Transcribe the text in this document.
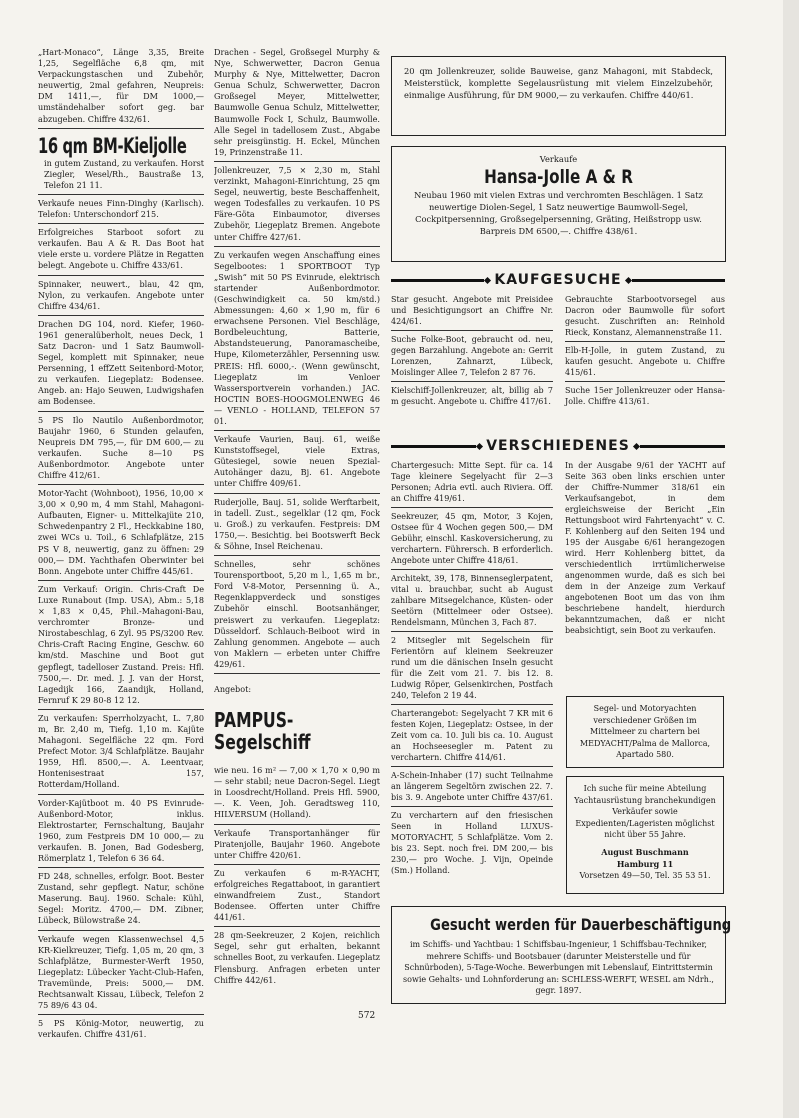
„Hart-Monaco“, Länge 3,35, Breite 1,25, Segelfläche 6,8 qm, mit Verpackungstaschen und Zubehör, neuwertig, 2mal gefahren, Neupreis: DM 1411,—, für DM 1000,— umständehalber sofort geg. bar abzugeben. Chiffre 432/61.
16 qm BM-Kieljolle
in gutem Zustand, zu verkaufen. Horst Ziegler, Wesel/Rh., Baustraße 13, Telefon 21 11.
Verkaufe neues Finn-Dinghy (Karlisch). Telefon: Unterschondorf 215.
Erfolgreiches Starboot sofort zu verkaufen. Bau A & R. Das Boot hat viele erste u. vordere Plätze in Regatten belegt. Angebote u. Chiffre 433/61.
Spinnaker, neuwert., blau, 42 qm, Nylon, zu verkaufen. Angebote unter Chiffre 434/61.
Drachen DG 104, nord. Kiefer, 1960-1961 generalüberholt, neues Deck, 1 Satz Dacron- und 1 Satz Baumwoll-Segel, komplett mit Spinnaker, neue Persenning, 1 effZett Seitenbord-Motor, zu verkaufen. Liegeplatz: Bodensee. Angeb. an: Hajo Seuwen, Ludwigshafen am Bodensee.
5 PS Ilo Nautilo Außenbordmotor, Baujahr 1960, 6 Stunden gelaufen, Neupreis DM 795,—, für DM 600,— zu verkaufen. Suche 8—10 PS Außenbordmotor. Angebote unter Chiffre 412/61.
Motor-Yacht (Wohnboot), 1956, 10,00 × 3,00 × 0,90 m, 4 mm Stahl, Mahagoni-Aufbauten, Eigner- u. Mittelkajüte 210, Schwedenpantry 2 Fl., Heckkabine 180, zwei WCs u. Toil., 6 Schlafplätze, 215 PS V 8, neuwertig, ganz zu öffnen: 29 000,— DM. Yachthafen Oberwinter bei Bonn. Angebote unter Chiffre 445/61.
Zum Verkauf: Origin. Chris-Craft De Luxe Runabout (Imp. USA), Abm.: 5,18 × 1,83 × 0,45, Phil.-Mahagoni-Bau, verchromter Bronze- und Nirostabeschlag, 6 Zyl. 95 PS/3200 Rev. Chris-Craft Racing Engine, Geschw. 60 km/std. Maschine und Boot gut gepflegt, tadelloser Zustand. Preis: Hfl. 7500,—. Dr. med. J. J. van der Horst, Lagedijk 166, Zaandijk, Holland, Fernruf K 29 80-8 12 12.
Zu verkaufen: Sperrholzyacht, L. 7,80 m, Br. 2,40 m, Tiefg. 1,10 m. Kajüte Mahagoni. Segelfläche 22 qm. Ford Prefect Motor. 3/4 Schlafplätze. Baujahr 1959, Hfl. 8500,—. A. Leentvaar, Hontenisestraat 157, Rotterdam/Holland.
Vorder-Kajütboot m. 40 PS Evinrude-Außenbord-Motor, inklus. Elektrostarter, Fernschaltung, Baujahr 1960, zum Festpreis DM 10 000,— zu verkaufen. B. Jonen, Bad Godesberg, Römerplatz 1, Telefon 6 36 64.
FD 248, schnelles, erfolgr. Boot. Bester Zustand, sehr gepflegt. Natur, schöne Maserung. Bauj. 1960. Schale: Kühl, Segel: Moritz. 4700,— DM. Zibner, Lübeck, Bülowstraße 24.
Verkaufe wegen Klassenwechsel 4,5 KR-Kielkreuzer, Tiefg. 1,05 m, 20 qm, 3 Schlafplätze, Burmester-Werft 1950, Liegeplatz: Lübecker Yacht-Club-Hafen, Travemünde, Preis: 5000,— DM. Rechtsanwalt Kissau, Lübeck, Telefon 2 75 89/6 43 04.
5 PS König-Motor, neuwertig, zu verkaufen. Chiffre 431/61.
Drachen - Segel, Großsegel Murphy & Nye, Schwerwetter, Dacron Genua Murphy & Nye, Mittelwetter, Dacron Genua Schulz, Schwerwetter, Dacron Großsegel Meyer, Mittelwetter, Baumwolle Genua Schulz, Mittelwetter, Baumwolle Fock I, Schulz, Baumwolle. Alle Segel in tadellosem Zust., Abgabe sehr preisgünstig. H. Eckel, München 19, Prinzenstraße 11.
Jollenkreuzer, 7,5 × 2,30 m, Stahl verzinkt, Mahagoni-Einrichtung, 25 qm Segel, neuwertig, beste Beschaffenheit, wegen Todesfalles zu verkaufen. 10 PS Färe-Göta Einbaumotor, diverses Zubehör, Liegeplatz Bremen. Angebote unter Chiffre 427/61.
Zu verkaufen wegen Anschaffung eines Segelbootes: 1 SPORTBOOT Typ „Swish“ mit 50 PS Evinrude, elektrisch startender Außenbordmotor.(Geschwindigkeit ca. 50 km/std.) Abmessungen: 4,60 × 1,90 m, für 6 erwachsene Personen. Viel Beschläge, Bordbeleuchtung, Batterie, Abstandsteuerung, Panoramascheibe, Hupe, Kilometerzähler, Persenning usw. PREIS: Hfl. 6000,-. (Wenn gewünscht, Liegeplatz im Venloer Wassersportverein vorhanden.) JAC. HOCTIN BOES-HOOGMOLENWEG 46 — VENLO - HOLLAND, TELEFON 57 01.
Verkaufe Vaurien, Bauj. 61, weiße Kunststoffsegel, viele Extras, Gütesiegel, sowie neuen Spezial-Autohänger dazu, Bj. 61. Angebote unter Chiffre 409/61.
Ruderjolle, Bauj. 51, solide Werftarbeit, in tadell. Zust., segelklar (12 qm, Fock u. Groß.) zu verkaufen. Festpreis: DM 1750,—. Besichtig. bei Bootswerft Beck & Söhne, Insel Reichenau.
Schnelles, sehr schönes Tourensportboot, 5,20 m l., 1,65 m br., Ford V-8-Motor, Persenning ü. A., Regenklappverdeck und sonstiges Zubehör einschl. Bootsanhänger, preiswert zu verkaufen. Liegeplatz: Düsseldorf. Schlauch-Beiboot wird in Zahlung genommen. Angebote — auch von Maklern — erbeten unter Chiffre 429/61.
Angebot:
PAMPUS-
Segelschiff
wie neu. 16 m² — 7,00 × 1,70 × 0,90 m — sehr stabil; neue Dacron-Segel. Liegt in Loosdrecht/Holland. Preis Hfl. 5900,—. K. Veen, Joh. Geradtsweg 110, HILVERSUM (Holland).
Verkaufe Transportanhänger für Piratenjolle, Baujahr 1960. Angebote unter Chiffre 420/61.
Zu verkaufen 6 m-R-YACHT, erfolgreiches Regattaboot, in garantiert einwandfreiem Zust., Standort Bodensee. Offerten unter Chiffre 441/61.
28 qm-Seekreuzer, 2 Kojen, reichlich Segel, sehr gut erhalten, bekannt schnelles Boot, zu verkaufen. Liegeplatz Flensburg. Anfragen erbeten unter Chiffre 442/61.
20 qm Jollenkreuzer, solide Bauweise, ganz Mahagoni, mit Stabdeck, Meisterstück, komplette Segelausrüstung mit vielem Einzelzubehör, einmalige Ausführung, für DM 9000,— zu verkaufen. Chiffre 440/61.
Verkaufe
Hansa-Jolle A & R
Neubau 1960 mit vielen Extras und verchromten Beschlägen. 1 Satz neuwertige Diolen-Segel, 1 Satz neuwertige Baumwoll-Segel, Cockpitpersenning, Großsegelpersenning, Gräting, Heißstropp usw. Barpreis DM 6500,—. Chiffre 438/61.
KAUFGESUCHE
Star gesucht. Angebote mit Preisidee und Besichtigungsort an Chiffre Nr. 424/61.
Suche Folke-Boot, gebraucht od. neu, gegen Barzahlung. Angebote an: Gerrit Lorenzen, Zahnarzt, Lübeck, Moislinger Allee 7, Telefon 2 87 76.
Kielschiff-Jollenkreuzer, alt, billig ab 7 m gesucht. Angebote u. Chiffre 417/61.
Gebrauchte Starbootvorsegel aus Dacron oder Baumwolle für sofort gesucht. Zuschriften an: Reinhold Rieck, Konstanz, Alemannenstraße 11.
Elb-H-Jolle, in gutem Zustand, zu kaufen gesucht. Angebote u. Chiffre 415/61.
Suche 15er Jollenkreuzer oder Hansa-Jolle. Chiffre 413/61.
VERSCHIEDENES
Chartergesuch: Mitte Sept. für ca. 14 Tage kleinere Segelyacht für 2—3 Personen; Adria evtl. auch Riviera. Off. an Chiffre 419/61.
Seekreuzer, 45 qm, Motor, 3 Kojen, Ostsee für 4 Wochen gegen 500,— DM Gebühr, einschl. Kaskoversicherung, zu verchartern. Führersch. B erforderlich. Angebote unter Chiffre 418/61.
Architekt, 39, 178, Binnenseglerpatent, vital u. brauchbar, sucht ab August zahlbare Mitsegelchance, Küsten- oder Seetörn (Mittelmeer oder Ostsee). Rendelsmann, München 3, Fach 87.
2 Mitsegler mit Segelschein für Ferientörn auf kleinem Seekreuzer rund um die dänischen Inseln gesucht für die Zeit vom 21. 7. bis 12. 8. Ludwig Röper, Gelsenkirchen, Postfach 240, Telefon 2 19 44.
Charterangebot: Segelyacht 7 KR mit 6 festen Kojen, Liegeplatz: Ostsee, in der Zeit vom ca. 10. Juli bis ca. 10. August an Hochseesegler m. Patent zu verchartern. Chiffre 414/61.
A-Schein-Inhaber (17) sucht Teilnahme an längerem Segeltörn zwischen 22. 7. bis 3. 9. Angebote unter Chiffre 437/61.
Zu verchartern auf den friesischen Seen in Holland LUXUS-MOTORYACHT, 5 Schlafplätze. Vom 2. bis 23. Sept. noch frei. DM 200,— bis 230,— pro Woche. J. Vijn, Opeinde (Sm.) Holland.
In der Ausgabe 9/61 der YACHT auf Seite 363 oben links erschien unter der Chiffre-Nummer 318/61 ein Verkaufsangebot, in dem ergleichsweise der Bericht „Ein Rettungsboot wird Fahrtenyacht“ v. C. F. Kohlenberg auf den Seiten 194 und 195 der Ausgabe 6/61 herangezogen wird. Herr Kohlenberg bittet, da verschiedentlich irrtümlicherweise angenommen wurde, daß es sich bei dem in der Anzeige zum Verkauf angebotenen Boot um das von ihm beschriebene handelt, hierdurch bekanntzumachen, daß er nicht beabsichtigt, sein Boot zu verkaufen.
Segel- und Motoryachten verschiedener Größen im Mittelmeer zu chartern bei MEDYACHT/Palma de Mallorca, Apartado 580.
Ich suche für meine Abteilung Yachtausrüstung branchekundigen Verkäufer sowie Expedienten/Lageristen möglichst nicht über 55 Jahre.
August Buschmann
Hamburg 11
Vorsetzen 49—50, Tel. 35 53 51.
Gesucht werden für Dauerbeschäftigung
im Schiffs- und Yachtbau: 1 Schiffsbau-Ingenieur, 1 Schiffsbau-Techniker, mehrere Schiffs- und Bootsbauer (darunter Meisterstelle und für Schnürboden), 5-Tage-Woche. Bewerbungen mit Lebenslauf, Eintrittstermin sowie Gehalts- und Lohnforderung an: SCHLESS-WERFT, WESEL am Ndrh., gegr. 1897.
572
